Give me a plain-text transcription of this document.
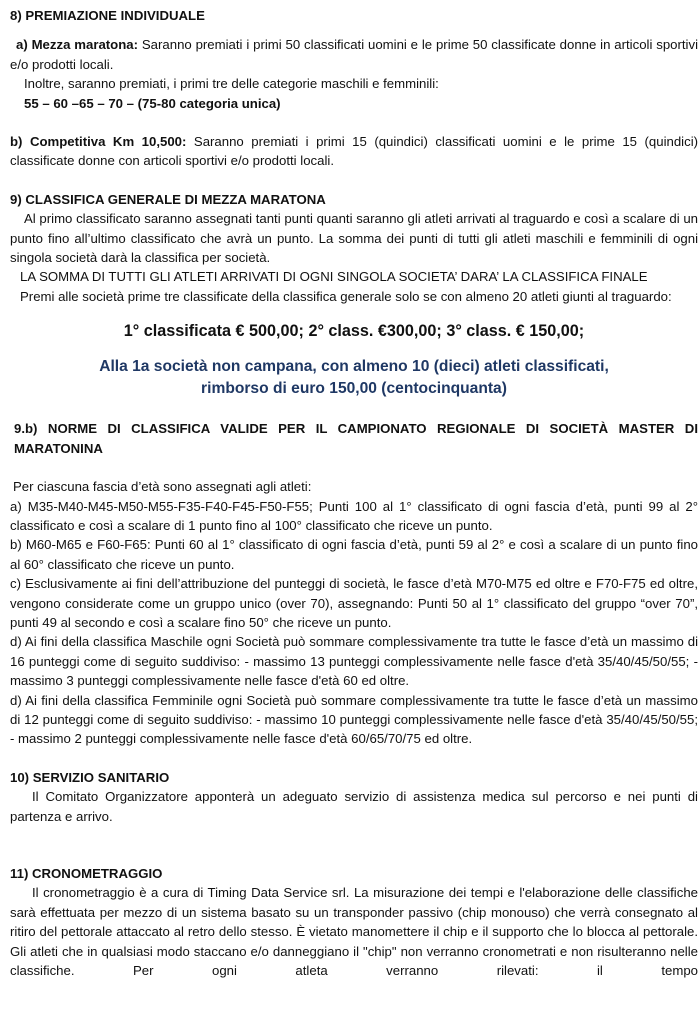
8) PREMIAZIONE INDIVIDUALE

a) Mezza maratona: Saranno premiati i primi 50 classificati uomini e le prime 50 classificate donne in articoli sportivi e/o prodotti locali.

Inoltre, saranno premiati, i primi tre delle categorie maschili e femminili:

55 – 60 –65 – 70 – (75-80 categoria unica)

b) Competitiva Km 10,500: Saranno premiati i primi 15 (quindici) classificati uomini e le prime 15 (quindici) classificate donne con articoli sportivi e/o prodotti locali.

9) CLASSIFICA GENERALE DI MEZZA MARATONA

Al primo classificato saranno assegnati tanti punti quanti saranno gli atleti arrivati al traguardo e così a scalare di un punto fino all’ultimo classificato che avrà un punto. La somma dei punti di tutti gli atleti maschili e femminili di ogni singola società darà la classifica per società.

LA SOMMA DI TUTTI GLI ATLETI ARRIVATI DI OGNI SINGOLA SOCIETA’ DARA’ LA CLASSIFICA FINALE

Premi alle società prime tre classificate della classifica generale solo se con almeno 20 atleti giunti al traguardo:

1° classificata € 500,00; 2° class. €300,00; 3° class. € 150,00;

Alla 1a società non campana, con almeno 10 (dieci) atleti classificati,

rimborso di euro 150,00 (centocinquanta)

9.b) NORME DI CLASSIFICA VALIDE PER IL CAMPIONATO REGIONALE DI SOCIETÀ MASTER DI MARATONINA

Per ciascuna fascia d’età sono assegnati agli atleti:

a) M35-M40-M45-M50-M55-F35-F40-F45-F50-F55; Punti 100 al 1° classificato di ogni fascia d’età, punti 99 al 2° classificato e così a scalare di 1 punto fino al 100° classificato che riceve un punto.

b) M60-M65 e F60-F65: Punti 60 al 1° classificato di ogni fascia d’età, punti 59 al 2° e così a scalare di un punto fino al 60° classificato che riceve un punto.

c) Esclusivamente ai fini dell’attribuzione del punteggi di società, le fasce d’età M70-M75 ed oltre e F70-F75 ed oltre, vengono considerate come un gruppo unico (over 70), assegnando: Punti 50 al 1° classificato del gruppo “over 70”, punti 49 al secondo e così a scalare fino 50° che riceve un punto.

d) Ai fini della classifica Maschile ogni Società può sommare complessivamente tra tutte le fasce d’età un massimo di 16 punteggi come di seguito suddiviso: - massimo 13 punteggi complessivamente nelle fasce d'età 35/40/45/50/55; - massimo 3 punteggi complessivamente nelle fasce d'età 60 ed oltre.

d) Ai fini della classifica Femminile ogni Società può sommare complessivamente tra tutte le fasce d’età un massimo di 12 punteggi come di seguito suddiviso: - massimo 10 punteggi complessivamente nelle fasce d'età 35/40/45/50/55; - massimo 2 punteggi complessivamente nelle fasce d'età 60/65/70/75 ed oltre.

10) SERVIZIO SANITARIO

Il Comitato Organizzatore apponterà un adeguato servizio di assistenza medica sul percorso e nei punti di partenza e arrivo.

11) CRONOMETRAGGIO

Il cronometraggio è a cura di Timing Data Service srl. La misurazione dei tempi e l'elaborazione delle classifiche sarà effettuata per mezzo di un sistema basato su un transponder passivo (chip monouso) che verrà consegnato al ritiro del pettorale attaccato al retro dello stesso. È vietato manomettere il chip e il supporto che lo blocca al pettorale. Gli atleti che in qualsiasi modo staccano e/o danneggiano il "chip" non verranno cronometrati e non risulteranno nelle classifiche. Per ogni atleta verranno rilevati: il tempo
